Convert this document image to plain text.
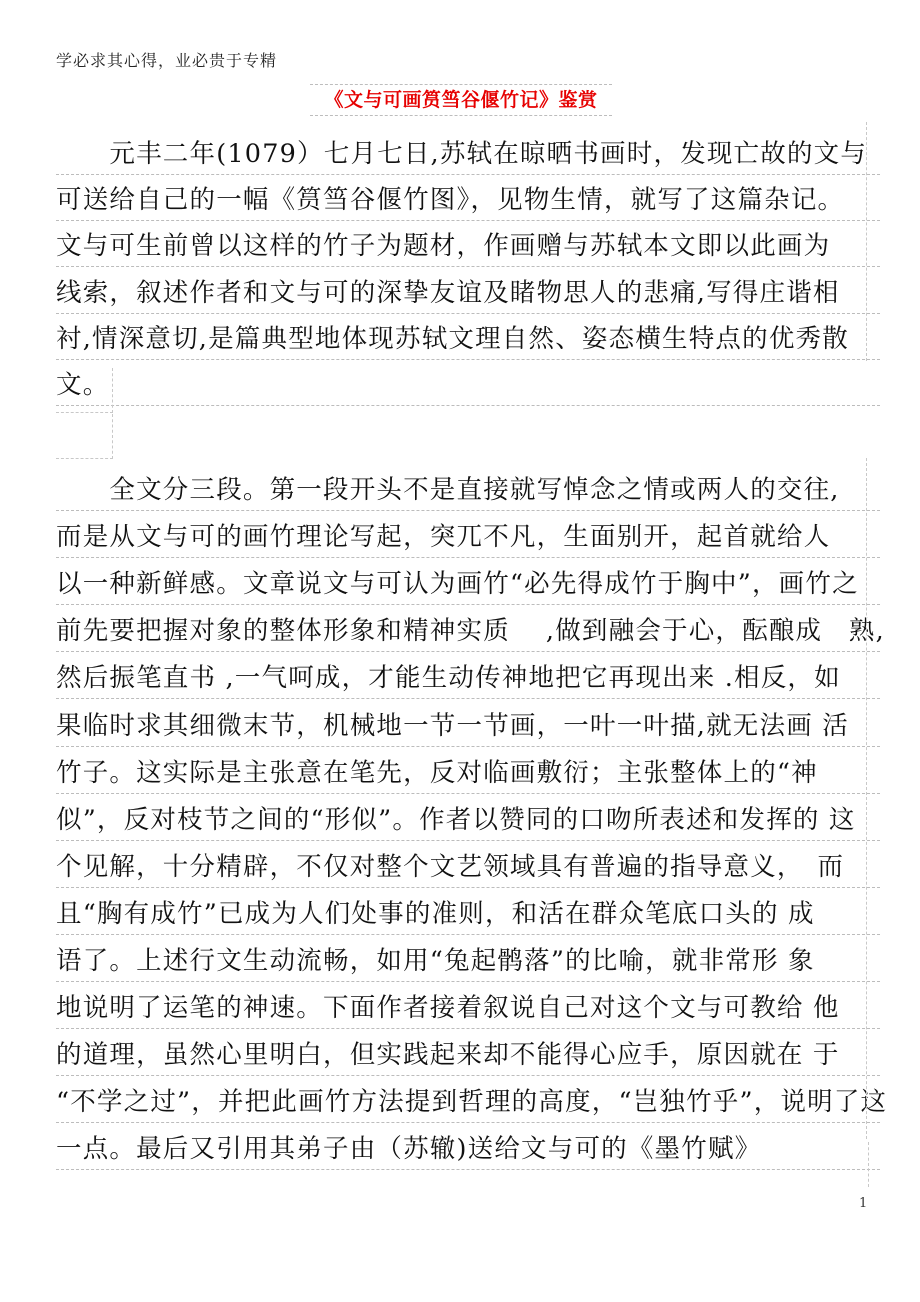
学必求其心得，业必贵于专精
《文与可画筼筜谷偃竹记》鉴赏
　　元丰二年(1079）七月七日,苏轼在晾晒书画时，发现亡故的文与
可送给自己的一幅《筼筜谷偃竹图》，见物生情，就写了这篇杂记。
文与可生前曾以这样的竹子为题材，作画赠与苏轼本文即以此画为
线索，叙述作者和文与可的深挚友谊及睹物思人的悲痛,写得庄谐相
衬,情深意切,是篇典型地体现苏轼文理自然、姿态横生特点的优秀散
文。
　　全文分三段。第一段开头不是直接就写悼念之情或两人的交往,
而是从文与可的画竹理论写起，突兀不凡，生面别开，起首就给人
以一种新鲜感。文章说文与可认为画竹“必先得成竹于胸中”，画竹之
前先要把握对象的整体形象和精神实质　 ,做到融会于心，酝酿成　熟,
然后振笔直书 ,一气呵成，才能生动传神地把它再现出来 .相反，如
果临时求其细微末节，机械地一节一节画，一叶一叶描,就无法画 活
竹子。这实际是主张意在笔先，反对临画敷衍；主张整体上的“神
似”，反对枝节之间的“形似”。作者以赞同的口吻所表述和发挥的 这
个见解，十分精辟，不仅对整个文艺领域具有普遍的指导意义，　而
且“胸有成竹”已成为人们处事的准则，和活在群众笔底口头的 成
语了。上述行文生动流畅，如用“兔起鹘落”的比喻，就非常形 象
地说明了运笔的神速。下面作者接着叙说自己对这个文与可教给 他
的道理，虽然心里明白，但实践起来却不能得心应手，原因就在 于
“不学之过”，并把此画竹方法提到哲理的高度，“岂独竹乎”，说明了这
一点。最后又引用其弟子由（苏辙)送给文与可的《墨竹赋》
1
